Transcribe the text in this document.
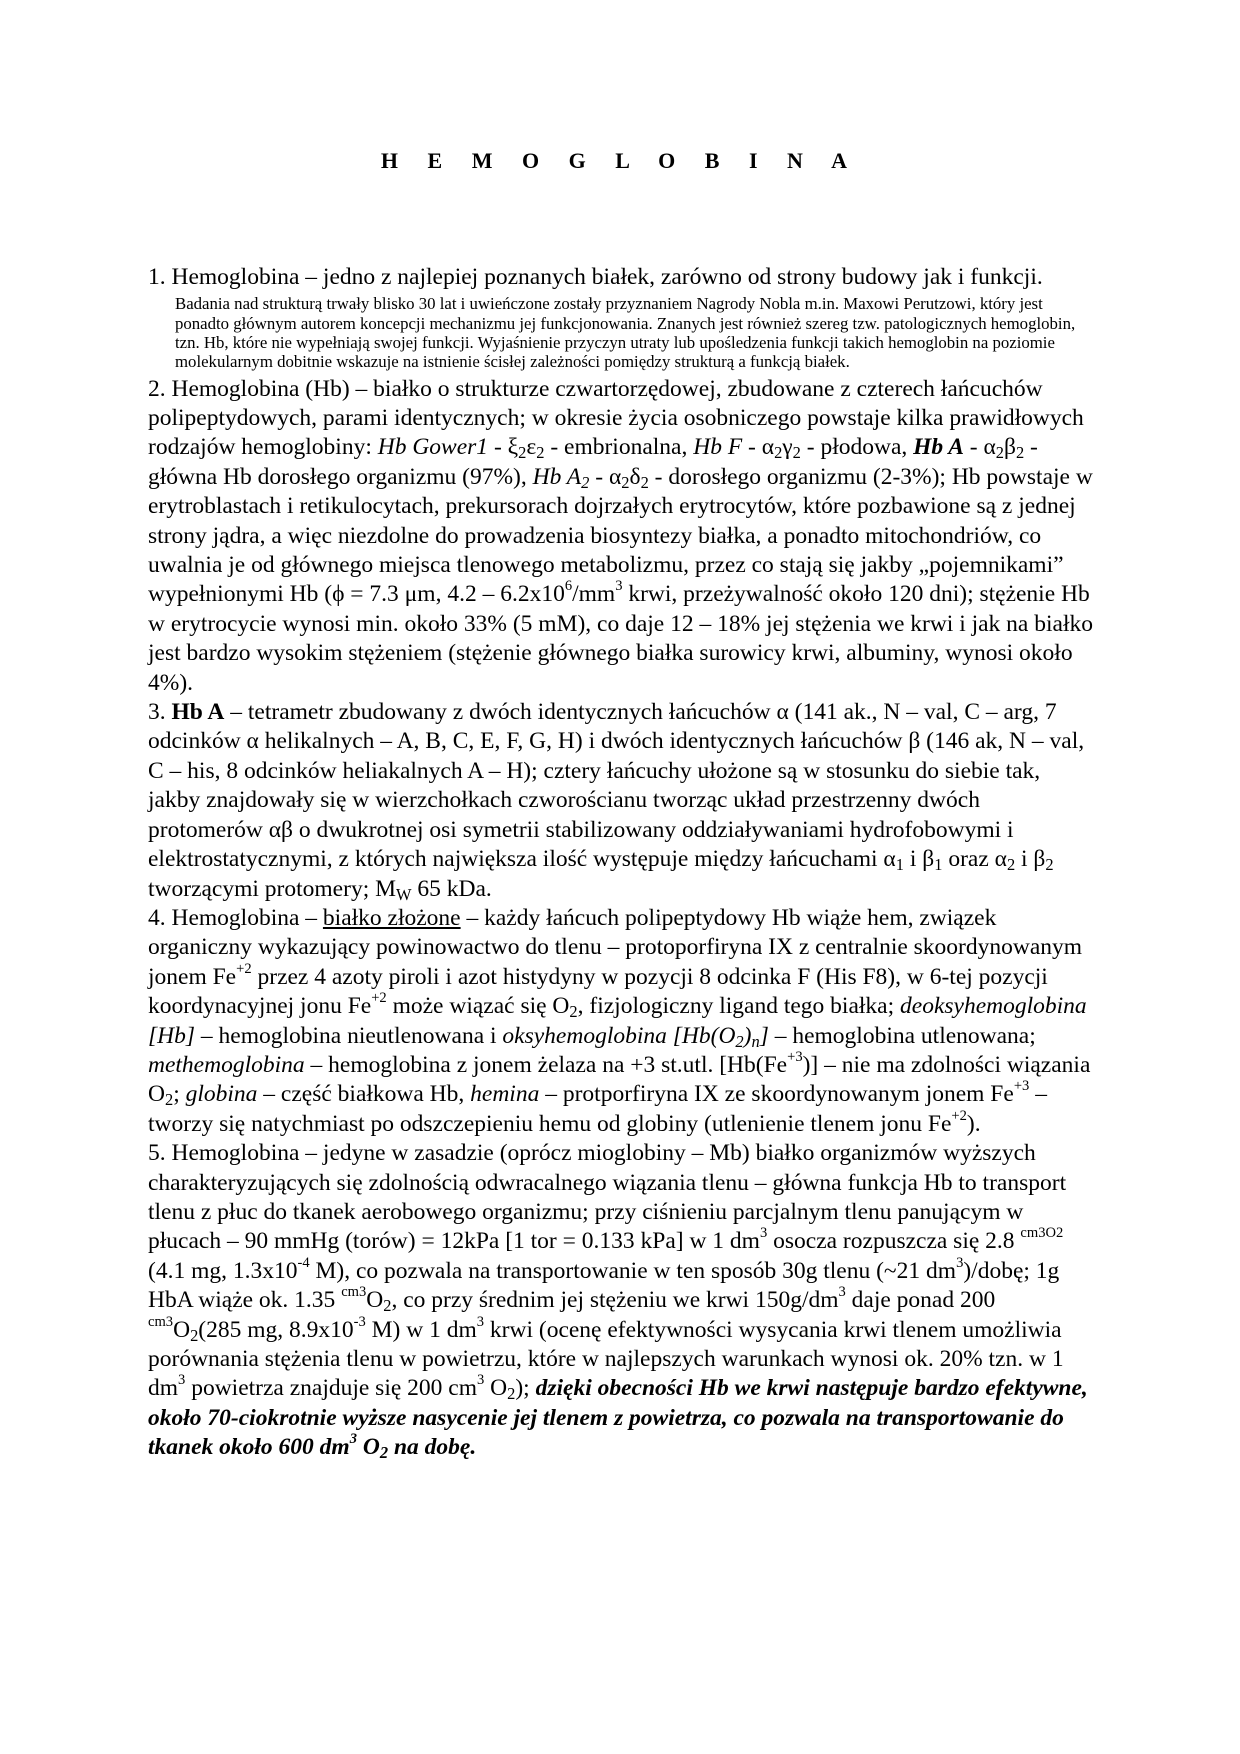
H E M O G L O B I N A

1. Hemoglobina – jedno z najlepiej poznanych białek, zarówno od strony budowy jak i funkcji.

Badania nad strukturą trwały blisko 30 lat i uwieńczone zostały przyznaniem Nagrody Nobla m.in. Maxowi Perutzowi, który jest ponadto głównym autorem koncepcji mechanizmu jej funkcjonowania. Znanych jest również szereg tzw. patologicznych hemoglobin, tzn. Hb, które nie wypełniają swojej funkcji. Wyjaśnienie przyczyn utraty lub upośledzenia funkcji takich hemoglobin na poziomie molekularnym dobitnie wskazuje na istnienie ścisłej zależności pomiędzy strukturą a funkcją białek.

2. Hemoglobina (Hb) – białko o strukturze czwartorzędowej, zbudowane z czterech łańcuchów polipeptydowych, parami identycznych; w okresie życia osobniczego powstaje kilka prawidłowych rodzajów hemoglobiny: Hb Gower1 - $\xi_2\varepsilon_2$ - embrionalna, Hb F - $\alpha_2\gamma_2$ - płodowa, Hb A - $\alpha_2\beta_2$ - główna Hb dorosłego organizmu (97%), Hb $A_2 - \alpha_2\delta_2$ - dorosłego organizmu (2-3%); Hb powstaje w erytroblastach i retikulocytach, prekursorach dojrzałych erytrocytów, które pozbawione są z jednej strony jądra, a więc niezdolne do prowadzenia biosyntezy białka, a ponadto mitochondriów, co uwalnia je od głównego miejsca tlenowego metabolizmu, przez co stają się jakby „pojemnikami” wypełnionymi Hb (ϕ = 7.3 μm, $4.2 - 6.2x10^6/mm^3$ krwi, przeżywalność około 120 dni); stężenie Hb w erytrocycie wynosi min. około 33% (5 mM), co daje 12 – 18% jej stężenia we krwi i jak na białko jest bardzo wysokim stężeniem (stężenie głównego białka surowicy krwi, albuminy, wynosi około 4%).

3. Hb A – tetrametr zbudowany z dwóch identycznych łańcuchów α (141 ak., N – val, C – arg, 7 odcinków α helikalnych – A, B, C, E, F, G, H) i dwóch identycznych łańcuchów β (146 ak, N – val, C – his, 8 odcinków heliakalnych A – H); cztery łańcuchy ułożone są w stosunku do siebie tak, jakby znajdowały się w wierzchołkach czworościanu tworząc układ przestrzenny dwóch protomerów αβ o dwukrotnej osi symetrii stabilizowany oddziaływaniami hydrofobowymi i elektrostatycznymi, z których największa ilość występuje między łańcuchami $\alpha_1$ i $\beta_1$ oraz $\alpha_2$ i $\beta_2$ tworzącymi protomery; $M_W$ 65 kDa.

4. Hemoglobina – białko złożone – każdy łańcuch polipeptydowy Hb wiąże hem, związek organiczny wykazujący powinowactwo do tlenu – protoporfiryna IX z centralnie skoordynowanym jonem $Fe^{+2}$ przez 4 azoty piroli i azot histydyny w pozycji 8 odcinka F (His F8), w 6-tej pozycji koordynacyjnej jonu $Fe^{+2}$ może wiązać się $O_2$, fizjologiczny ligand tego białka; deoksyhemoglobina [Hb] – hemoglobina nieutlenowana i oksyhemoglobina $[Hb(O_2)_n]$ – hemoglobina utlenowana; methemoglobina – hemoglobina z jonem żelaza na +3 st.utl. $[Hb(Fe^{+3})]$ – nie ma zdolności wiązania $O_2$; globina – część białkowa Hb, hemina – protporfiryna IX ze skoordynowanym jonem $Fe^{+3}$ – tworzy się natychmiast po odszczepieniu hemu od globiny (utlenienie tlenem jonu $Fe^{+2}$).

5. Hemoglobina – jedyne w zasadzie (oprócz mioglobiny – Mb) białko organizmów wyższych charakteryzujących się zdolnością odwracalnego wiązania tlenu – główna funkcja Hb to transport tlenu z płuc do tkanek aerobowego organizmu; przy ciśnieniu parcjalnym tlenu panującym w płucach – 90 mmHg (torów) = 12kPa [1 tor = 0.133 kPa] w 1 $dm^3$ osocza rozpuszcza się 2.8 $^{cm3O2}$ (4.1 mg, $1.3x10^{-4}$ M), co pozwala na transportowanie w ten sposób 30g tlenu (~21 $dm^3$)/dobę; 1g HbA wiąże ok. 1.35 $^{cm3}O_2$, co przy średnim jej stężeniu we krwi $150g/dm^3$ daje ponad 200 $^{cm3}O_2(285$ mg, $8.9x10^{-3}$ M) w 1 $dm^3$ krwi (ocenę efektywności wysycania krwi tlenem umożliwia porównania stężenia tlenu w powietrzu, które w najlepszych warunkach wynosi ok. 20% tzn. w 1 $dm^3$ powietrza znajduje się 200 $cm^3$ $O_2$); dzięki obecności Hb we krwi następuje bardzo efektywne, około 70-ciokrotnie wyższe nasycenie jej tlenem z powietrza, co pozwala na transportowanie do tkanek około 600 $dm^3$ $O_2$ na dobę.
